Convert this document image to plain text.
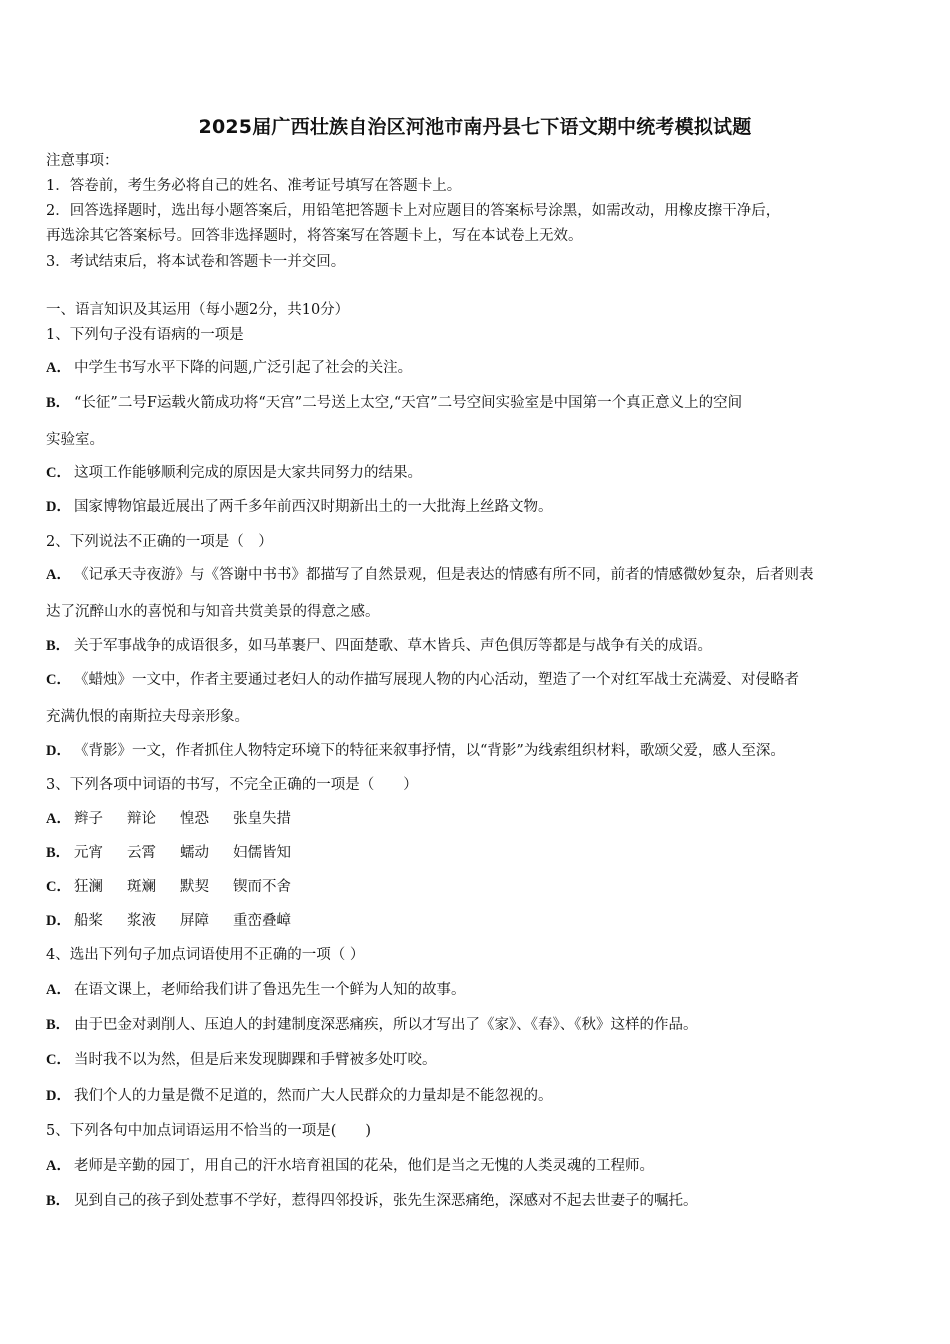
2025届广西壮族自治区河池市南丹县七下语文期中统考模拟试题
注意事项：
1．答卷前，考生务必将自己的姓名、准考证号填写在答题卡上。
2．回答选择题时，选出每小题答案后，用铅笔把答题卡上对应题目的答案标号涂黑，如需改动，用橡皮擦干净后，
再选涂其它答案标号。回答非选择题时，将答案写在答题卡上，写在本试卷上无效。
3．考试结束后，将本试卷和答题卡一并交回。
一、语言知识及其运用（每小题2分，共10分）
1、下列句子没有语病的一项是
A． 中学生书写水平下降的问题,广泛引起了社会的关注。
B． “长征”二号F运载火箭成功将“天宫”二号送上太空,“天宫”二号空间实验室是中国第一个真正意义上的空间
实验室。
C． 这项工作能够顺利完成的原因是大家共同努力的结果。
D． 国家博物馆最近展出了两千多年前西汉时期新出土的一大批海上丝路文物。
2、下列说法不正确的一项是（　）
A． 《记承天寺夜游》与《答谢中书书》都描写了自然景观，但是表达的情感有所不同，前者的情感微妙复杂，后者则表
达了沉醉山水的喜悦和与知音共赏美景的得意之感。
B． 关于军事战争的成语很多，如马革裹尸、四面楚歌、草木皆兵、声色俱厉等都是与战争有关的成语。
C． 《蜡烛》一文中，作者主要通过老妇人的动作描写展现人物的内心活动，塑造了一个对红军战士充满爱、对侵略者
充满仇恨的南斯拉夫母亲形象。
D． 《背影》一文，作者抓住人物特定环境下的特征来叙事抒情，以“背影”为线索组织材料，歌颂父爱，感人至深。
3、下列各项中词语的书写，不完全正确的一项是（　　）
A． 辫子 辩论 惶恐 张皇失措
B． 元宵 云霄 蠕动 妇儒皆知
C． 狂澜 斑斓 默契 锲而不舍
D． 船桨 浆液 屏障 重峦叠嶂
4、选出下列句子加点词语使用不正确的一项（ ）
A． 在语文课上，老师给我们讲了鲁迅先生一个鲜为人知的故事。
B． 由于巴金对剥削人、压迫人的封建制度深恶痛疾，所以才写出了《家》、《春》、《秋》这样的作品。
C． 当时我不以为然，但是后来发现脚踝和手臂被多处叮咬。
D． 我们个人的力量是微不足道的，然而广大人民群众的力量却是不能忽视的。
5、下列各句中加点词语运用不恰当的一项是(　　)
A． 老师是辛勤的园丁，用自己的汗水培育祖国的花朵，他们是当之无愧的人类灵魂的工程师。
B． 见到自己的孩子到处惹事不学好，惹得四邻投诉，张先生深恶痛绝，深感对不起去世妻子的嘱托。
